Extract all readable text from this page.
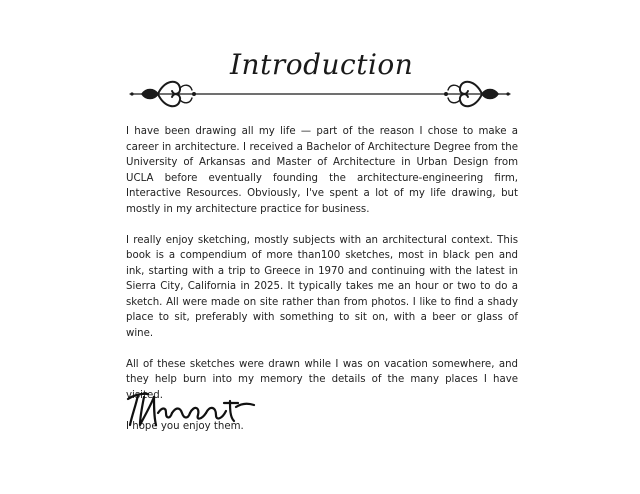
Introduction

I have been drawing all my life — part of the reason I chose to make a career in architecture. I received a Bachelor of Architecture Degree from the University of Arkansas and Master of Architecture in Urban Design from UCLA before eventually founding the architecture-engineering firm, Interactive Resources. Obviously, I've spent a lot of my life drawing, but mostly in my architecture practice for business.

I really enjoy sketching, mostly subjects with an architectural context. This book is a compendium of more than100 sketches, most in black pen and ink, starting with a trip to Greece in 1970 and continuing with the latest in Sierra City, California in 2025. It typically takes me an hour or two to do a sketch. All were made on site rather than from photos. I like to find a shady place to sit, preferably with something to sit on, with a beer or glass of wine.

All of these sketches were drawn while I was on vacation somewhere, and they help burn into my memory the details of the many places I have visited.

I hope you enjoy them.
